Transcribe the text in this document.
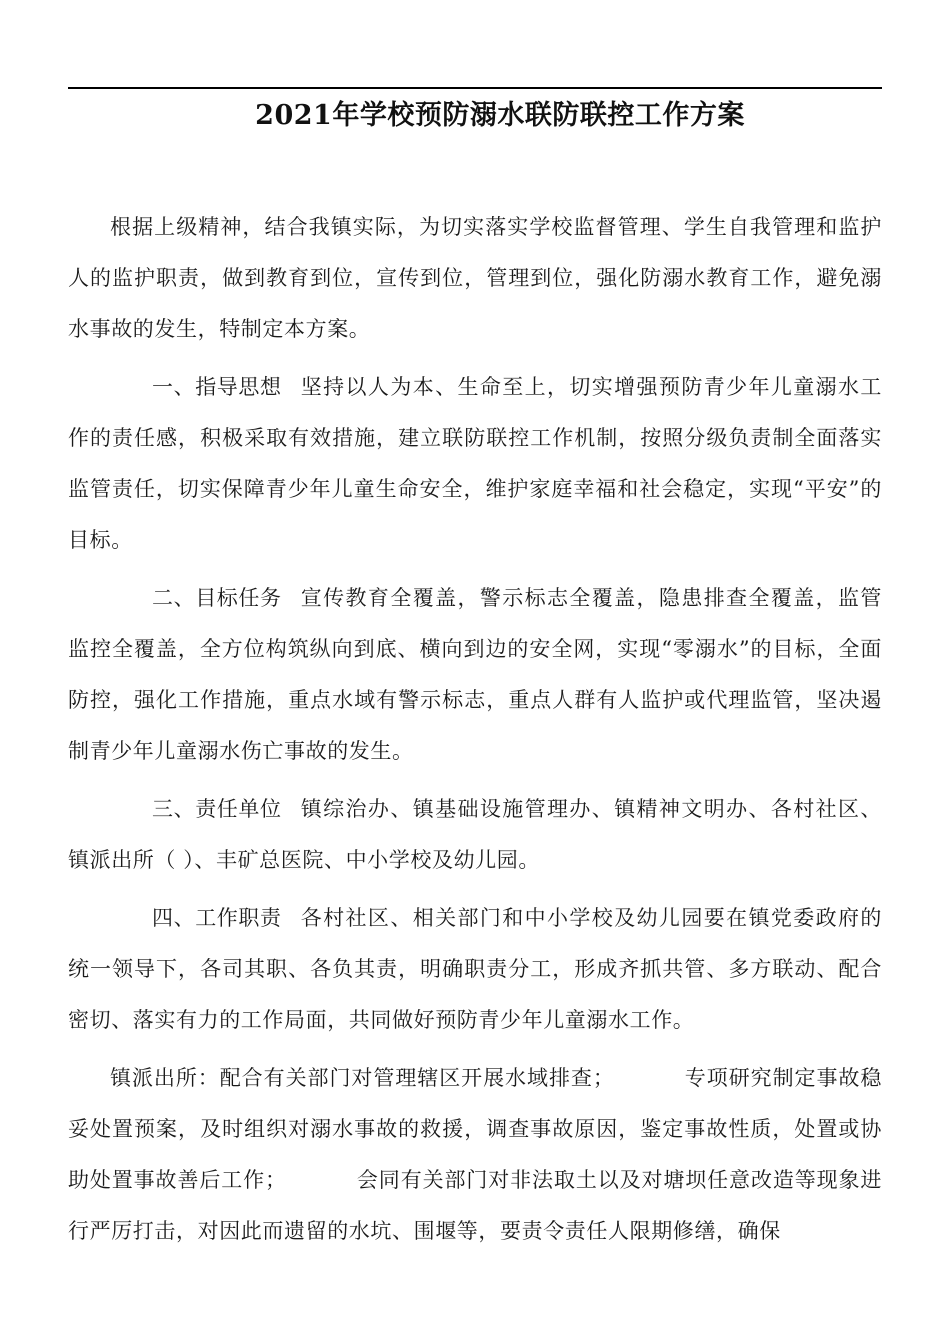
2021年学校预防溺水联防联控工作方案

根据上级精神，结合我镇实际，为切实落实学校监督管理、学生自我管理和监护人的监护职责，做到教育到位，宣传到位，管理到位，强化防溺水教育工作，避免溺水事故的发生，特制定本方案。

一、指导思想 坚持以人为本、生命至上，切实增强预防青少年儿童溺水工作的责任感，积极采取有效措施，建立联防联控工作机制，按照分级负责制全面落实监管责任，切实保障青少年儿童生命安全，维护家庭幸福和社会稳定，实现“平安”的目标。

二、目标任务 宣传教育全覆盖，警示标志全覆盖，隐患排查全覆盖，监管监控全覆盖，全方位构筑纵向到底、横向到边的安全网，实现“零溺水”的目标，全面防控，强化工作措施，重点水域有警示标志，重点人群有人监护或代理监管，坚决遏制青少年儿童溺水伤亡事故的发生。

三、责任单位 镇综治办、镇基础设施管理办、镇精神文明办、各村社区、镇派出所（ ）、丰矿总医院、中小学校及幼儿园。

四、工作职责 各村社区、相关部门和中小学校及幼儿园要在镇党委政府的统一领导下，各司其职、各负其责，明确职责分工，形成齐抓共管、多方联动、配合密切、落实有力的工作局面，共同做好预防青少年儿童溺水工作。

镇派出所：配合有关部门对管理辖区开展水域排查；	专项研究制定事故稳妥处置预案，及时组织对溺水事故的救援，调查事故原因，鉴定事故性质，处置或协助处置事故善后工作；	会同有关部门对非法取土以及对塘坝任意改造等现象进行严厉打击，对因此而遗留的水坑、围堰等，要责令责任人限期修缮，确保
